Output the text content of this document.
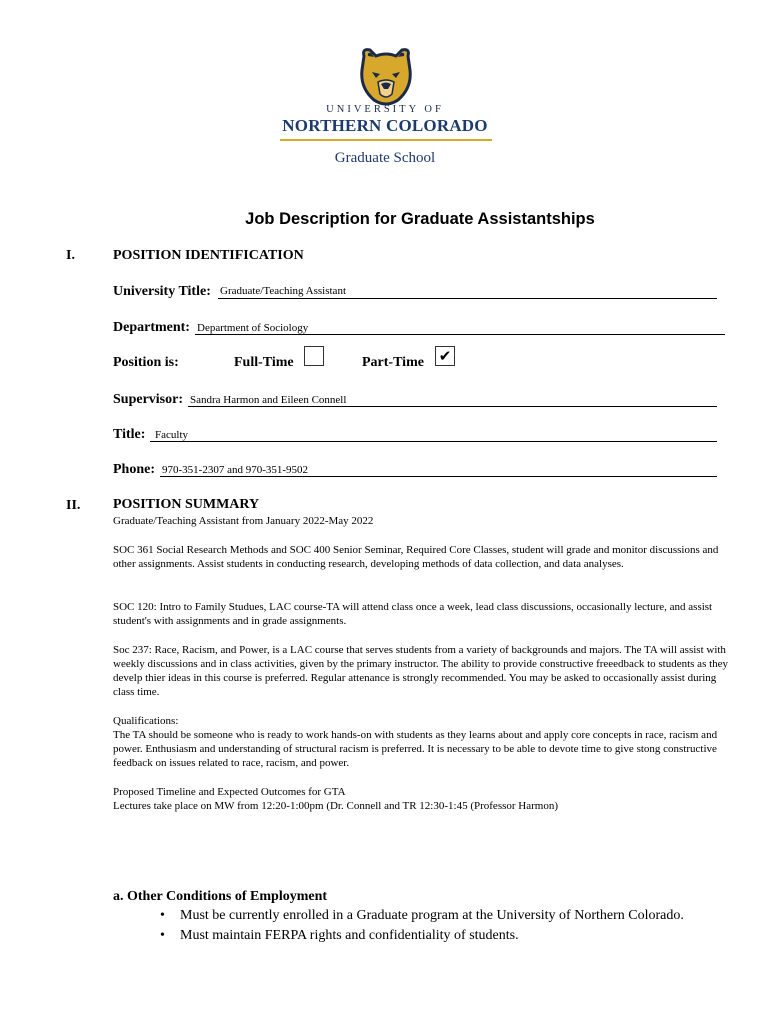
UNIVERSITY OF
NORTHERN COLORADO
Graduate School
Job Description for Graduate Assistantships
I.	POSITION IDENTIFICATION
University Title: Graduate/Teaching Assistant
Department: Department of Sociology
Position is:	Full-Time	Part-Time ✔
Supervisor: Sandra Harmon and Eileen Connell
Title: Faculty
Phone: 970-351-2307 and 970-351-9502
II. POSITION SUMMARY

Graduate/Teaching Assistant from January 2022-May 2022

SOC 361 Social Research Methods and SOC 400 Senior Seminar, Required Core Classes, student will grade and monitor discussions and other assignments. Assist students in conducting research, developing methods of data collection, and data analyses.

SOC 120: Intro to Family Studues, LAC course-TA will attend class once a week, lead class discussions, occasionally lecture, and assist student's with assignments and in grade assignments.

Soc 237: Race, Racism, and Power, is a LAC course that serves students from a variety of backgrounds and majors. The TA will assist with weekly discussions and in class activities, given by the primary instructor. The ability to provide constructive freeedback to students as they develp thier ideas in this course is preferred. Regular attenance is strongly recommended. You may be asked to occasionally assist during class time.

Qualifications:

The TA should be someone who is ready to work hands-on with students as they learns about and apply core concepts in race, racism and power. Enthusiasm and understanding of structural racism is preferred. It is necessary to be able to devote time to give stong constructive feedback on issues related to race, racism, and power.

Proposed Timeline and Expected Outcomes for GTA

Lectures take place on MW from 12:20-1:00pm (Dr. Connell and TR 12:30-1:45 (Professor Harmon)

a. Other Conditions of Employment
• Must be currently enrolled in a Graduate program at the University of Northern Colorado.
• Must maintain FERPA rights and confidentiality of students.
